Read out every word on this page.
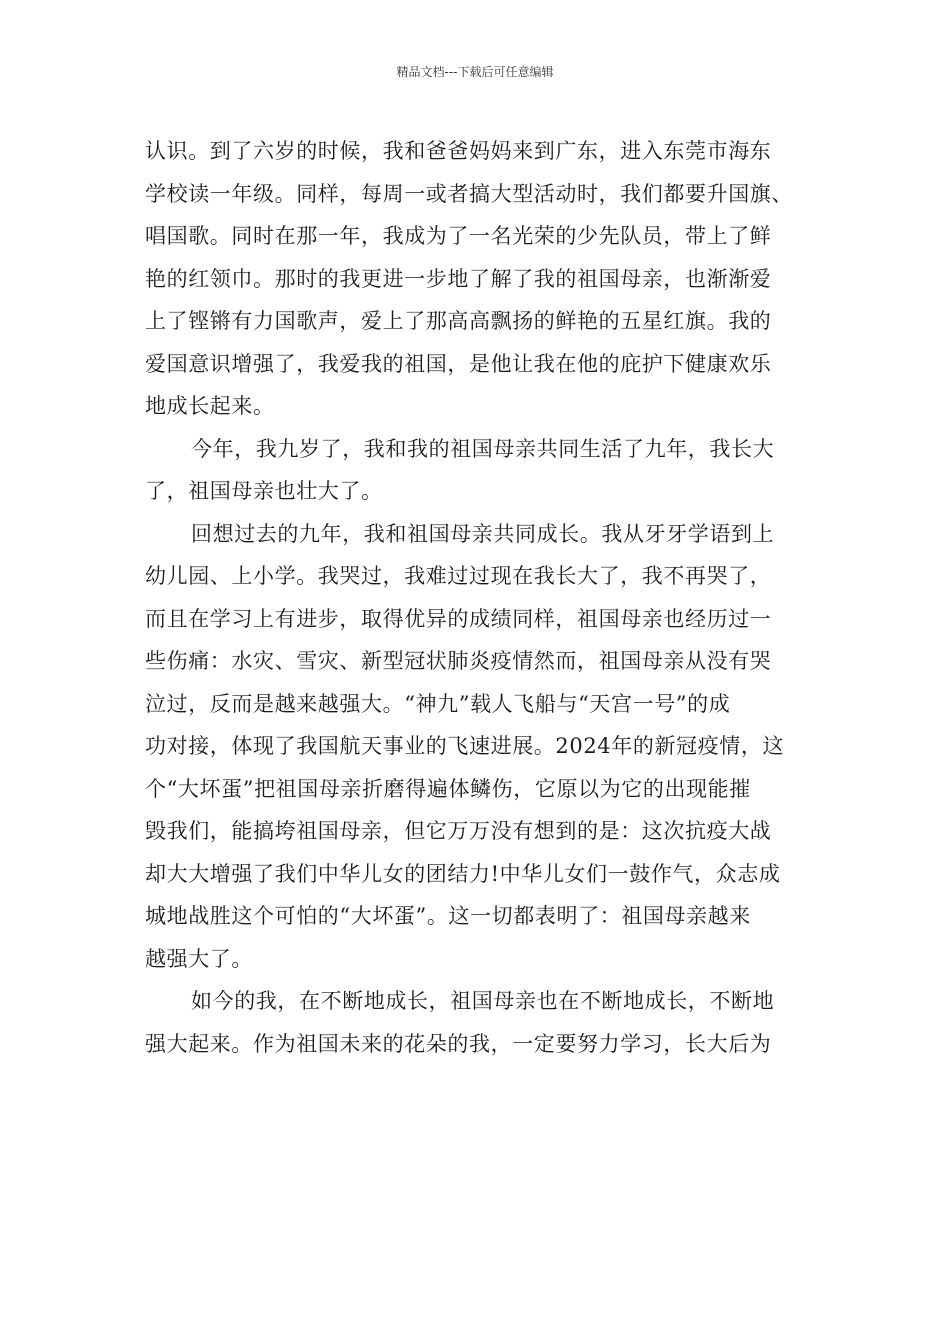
精品文档---下载后可任意编辑

认识。到了六岁的时候，我和爸爸妈妈来到广东，进入东莞市海东
学校读一年级。同样，每周一或者搞大型活动时，我们都要升国旗、
唱国歌。同时在那一年，我成为了一名光荣的少先队员，带上了鲜
艳的红领巾。那时的我更进一步地了解了我的祖国母亲，也渐渐爱
上了铿锵有力国歌声，爱上了那高高飘扬的鲜艳的五星红旗。我的
爱国意识增强了，我爱我的祖国，是他让我在他的庇护下健康欢乐
地成长起来。

今年，我九岁了，我和我的祖国母亲共同生活了九年，我长大
了，祖国母亲也壮大了。

回想过去的九年，我和祖国母亲共同成长。我从牙牙学语到上
幼儿园、上小学。我哭过，我难过过现在我长大了，我不再哭了，
而且在学习上有进步，取得优异的成绩同样，祖国母亲也经历过一
些伤痛：水灾、雪灾、新型冠状肺炎疫情然而，祖国母亲从没有哭
泣过，反而是越来越强大。“神九”载人飞船与“天宫一号”的成
功对接，体现了我国航天事业的飞速进展。2024年的新冠疫情，这
个“大坏蛋”把祖国母亲折磨得遍体鳞伤，它原以为它的出现能摧
毁我们，能搞垮祖国母亲，但它万万没有想到的是：这次抗疫大战
却大大增强了我们中华儿女的团结力!中华儿女们一鼓作气，众志成
城地战胜这个可怕的“大坏蛋”。这一切都表明了：祖国母亲越来
越强大了。

如今的我，在不断地成长，祖国母亲也在不断地成长，不断地
强大起来。作为祖国未来的花朵的我，一定要努力学习，长大后为
